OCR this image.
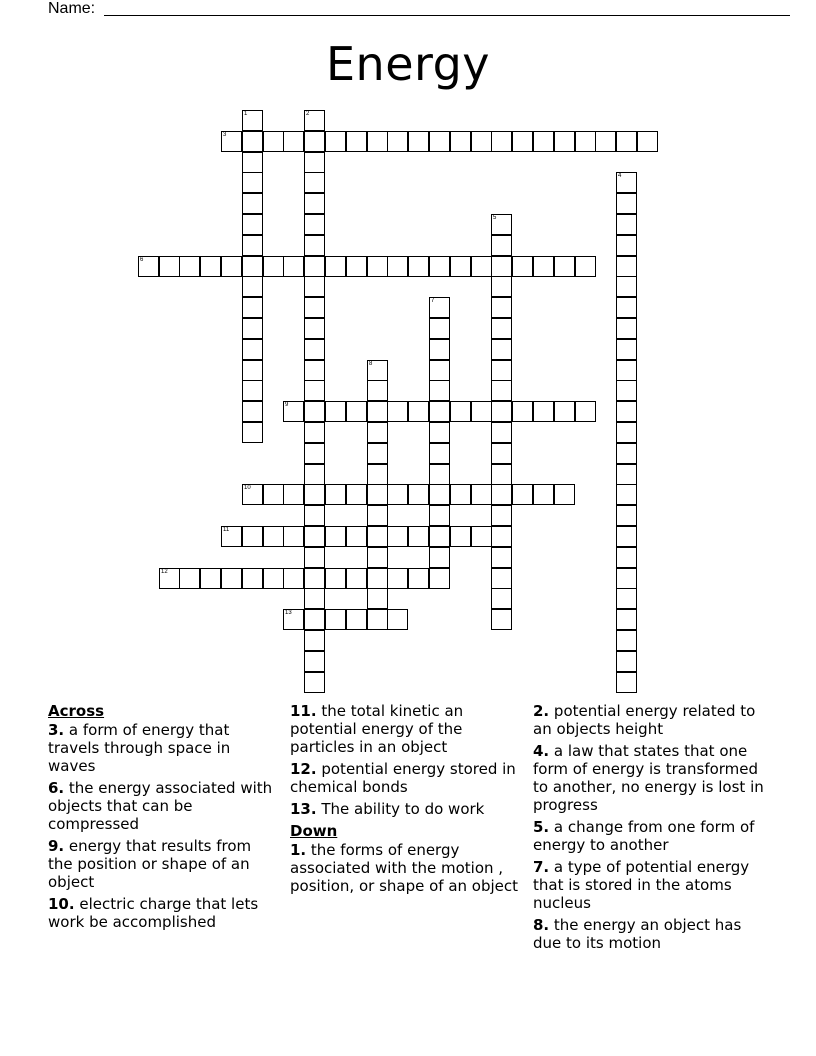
Name:
Energy
1	2
3
4
5
6
7
8
9
10
11
12
13
Across
3. a form of energy that travels through space in waves
6. the energy associated with objects that can be compressed
9. energy that results from the position or shape of an object
10. electric charge that lets work be accomplished
11. the total kinetic an potential energy of the particles in an object
12. potential energy stored in chemical bonds
13. The ability to do work
Down
1. the forms of energy associated with the motion , position, or shape of an object
2. potential energy related to an objects height
4. a law that states that one form of energy is transformed to another, no energy is lost in progress
5. a change from one form of energy to another
7. a type of potential energy that is stored in the atoms nucleus
8. the energy an object has due to its motion
